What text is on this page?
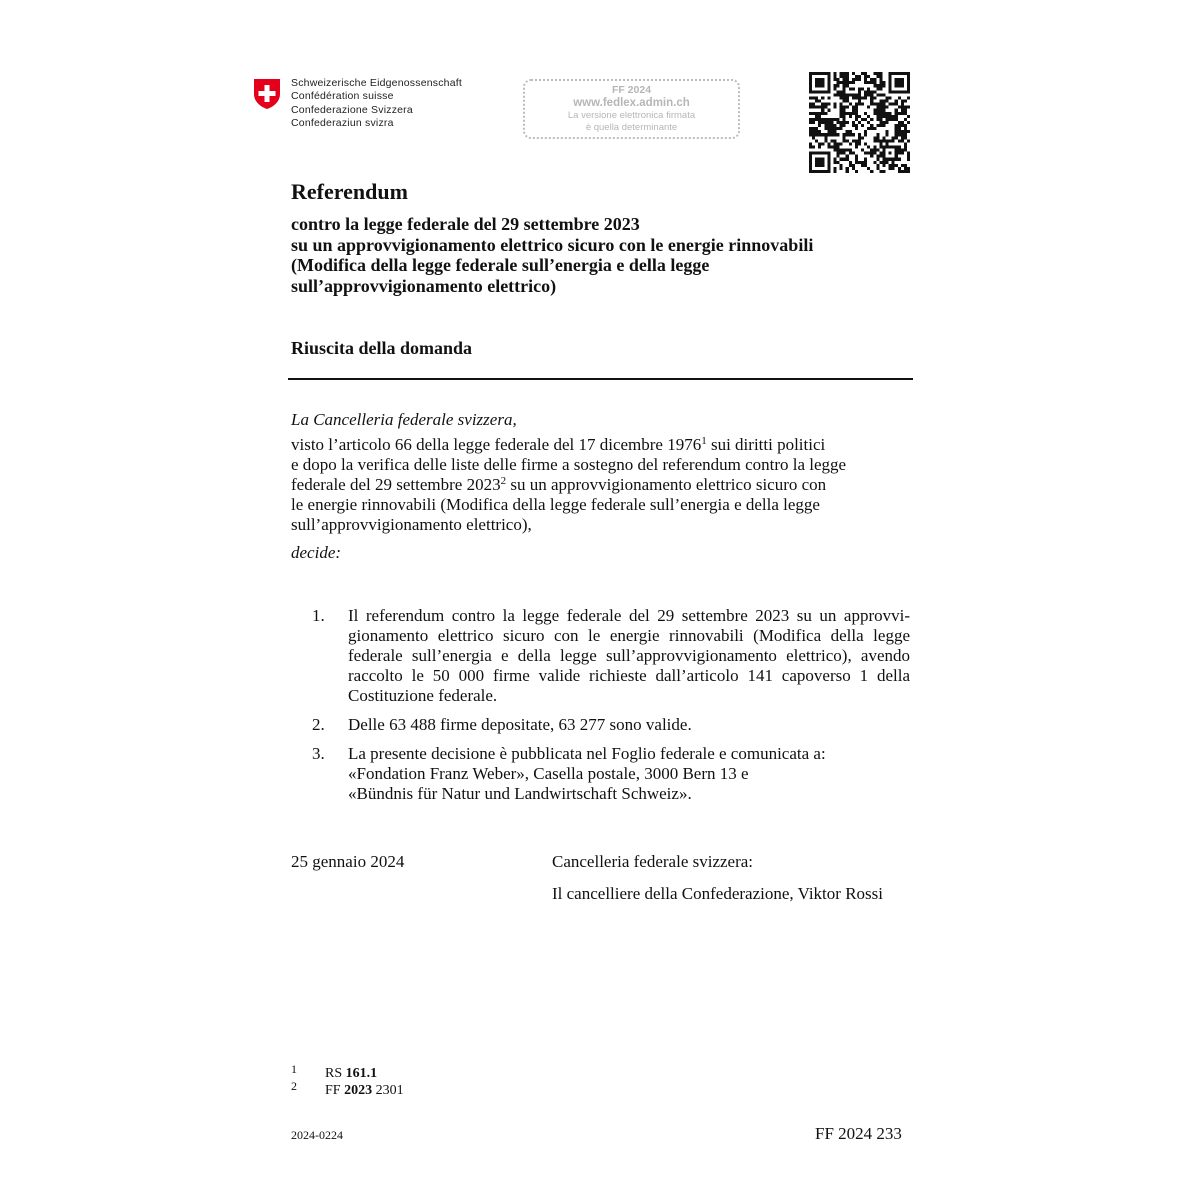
Schweizerische Eidgenossenschaft
Confédération suisse
Confederazione Svizzera
Confederaziun svizra
FF 2024
www.fedlex.admin.ch
La versione elettronica firmata
è quella determinante
Referendum
contro la legge federale del 29 settembre 2023
su un approvvigionamento elettrico sicuro con le energie rinnovabili
(Modifica della legge federale sull’energia e della legge
sull’approvvigionamento elettrico)
Riuscita della domanda
La Cancelleria federale svizzera,
visto l’articolo 66 della legge federale del 17 dicembre 1976$^1$ sui diritti politici
e dopo la verifica delle liste delle firme a sostegno del referendum contro la legge
federale del 29 settembre 2023$^2$ su un approvvigionamento elettrico sicuro con
le energie rinnovabili (Modifica della legge federale sull’energia e della legge
sull’approvvigionamento elettrico),
decide:
1.	Il referendum contro la legge federale del 29 settembre 2023 su un approvvi-
gionamento elettrico sicuro con le energie rinnovabili (Modifica della legge
federale sull’energia e della legge sull’approvvigionamento elettrico), avendo
raccolto le 50 000 firme valide richieste dall’articolo 141 capoverso 1 della
Costituzione federale.
2.	Delle 63 488 firme depositate, 63 277 sono valide.
3.	La presente decisione è pubblicata nel Foglio federale e comunicata a:
«Fondation Franz Weber», Casella postale, 3000 Bern 13 e
«Bündnis für Natur und Landwirtschaft Schweiz».
25 gennaio 2024	Cancelleria federale svizzera:
Il cancelliere della Confederazione, Viktor Rossi
1 RS 161.1
2 FF 2023 2301
2024-0224	FF 2024 233
